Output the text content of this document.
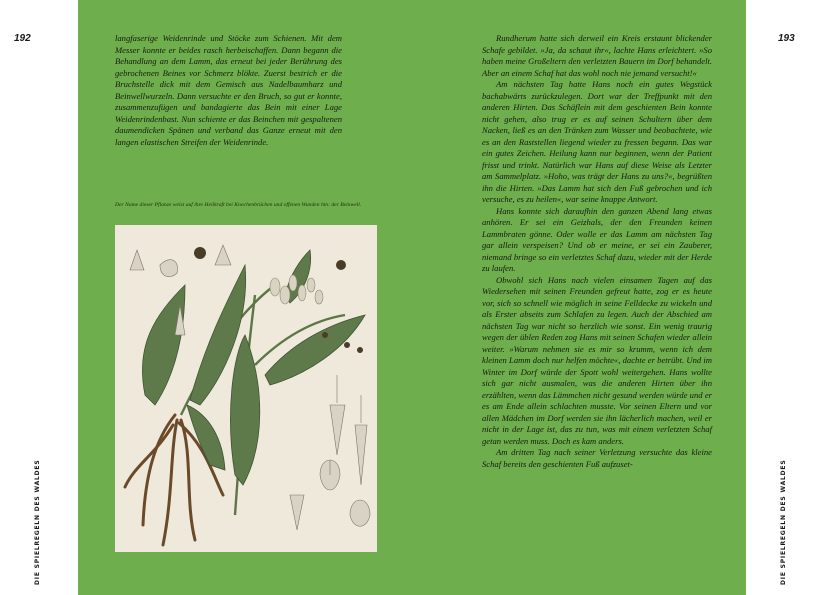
192	193

langfaserige Weidenrinde und Stöcke zum Schienen. Mit dem Messer konnte er beides rasch herbeischaffen. Dann begann die Behandlung an dem Lamm, das erneut bei jeder Berührung des gebrochenen Beines vor Schmerz blökte. Zuerst bestrich er die Bruchstelle dick mit dem Gemisch aus Nadelbaumharz und Beinwellwurzeln. Dann versuchte er den Bruch, so gut er konnte, zusammenzufügen und bandagierte das Bein mit einer Lage Weidenrindenbast. Nun schiente er das Beinchen mit gespaltenen daumendicken Spänen und verband das Ganze erneut mit den langen elastischen Streifen der Weidenrinde.

Der Name dieser Pflanze weist auf ihre Heilkraft bei Knochenbrüchen und offenen Wunden hin: der Beinwell.

Rundherum hatte sich derweil ein Kreis erstaunt blickender Schafe gebildet. »Ja, da schaut ihr«, lachte Hans erleichtert. »So haben meine Großeltern den verletzten Bauern im Dorf behandelt. Aber an einem Schaf hat das wohl noch nie jemand versucht!«

Am nächsten Tag hatte Hans noch ein gutes Wegstück bachabwärts zurückzulegen. Dort war der Treffpunkt mit den anderen Hirten. Das Schäflein mit dem geschienten Bein konnte nicht gehen, also trug er es auf seinen Schultern über dem Nacken, ließ es an den Tränken zum Wasser und beobachtete, wie es an den Raststellen liegend wieder zu fressen begann. Das war ein gutes Zeichen. Heilung kann nur beginnen, wenn der Patient frisst und trinkt. Natürlich war Hans auf diese Weise als Letzter am Sammelplatz. »Hoho, was trägt der Hans zu uns?«, begrüßten ihn die Hirten. »Das Lamm hat sich den Fuß gebrochen und ich versuche, es zu heilen«, war seine knappe Antwort.

Hans konnte sich daraufhin den ganzen Abend lang etwas anhören. Er sei ein Geizhals, der den Freunden keinen Lammbraten gönne. Oder wolle er das Lamm am nächsten Tag gar allein verspeisen? Und ob er meine, er sei ein Zauberer, niemand bringe so ein verletztes Schaf dazu, wieder mit der Herde zu laufen.

Obwohl sich Hans nach vielen einsamen Tagen auf das Wiedersehen mit seinen Freunden gefreut hatte, zog er es heute vor, sich so schnell wie möglich in seine Felldecke zu wickeln und als Erster abseits zum Schlafen zu legen. Auch der Abschied am nächsten Tag war nicht so herzlich wie sonst. Ein wenig traurig wegen der üblen Reden zog Hans mit seinen Schafen wieder allein weiter. »Warum nehmen sie es mir so krumm, wenn ich dem kleinen Lamm doch nur helfen möchte«, dachte er betrübt. Und im Winter im Dorf würde der Spott wohl weitergehen. Hans wollte sich gar nicht ausmalen, was die anderen Hirten über ihn erzählten, wenn das Lämmchen nicht gesund werden würde und er es am Ende allein schlachten musste. Vor seinen Eltern und vor allen Mädchen im Dorf werden sie ihn lächerlich machen, weil er nicht in der Lage ist, das zu tun, was mit einem verletzten Schaf getan werden muss. Doch es kam anders.

Am dritten Tag nach seiner Verletzung versuchte das kleine Schaf bereits den geschienten Fuß aufzuset-

DIE SPIELREGELN DES WALDES	DIE SPIELREGELN DES WALDES
